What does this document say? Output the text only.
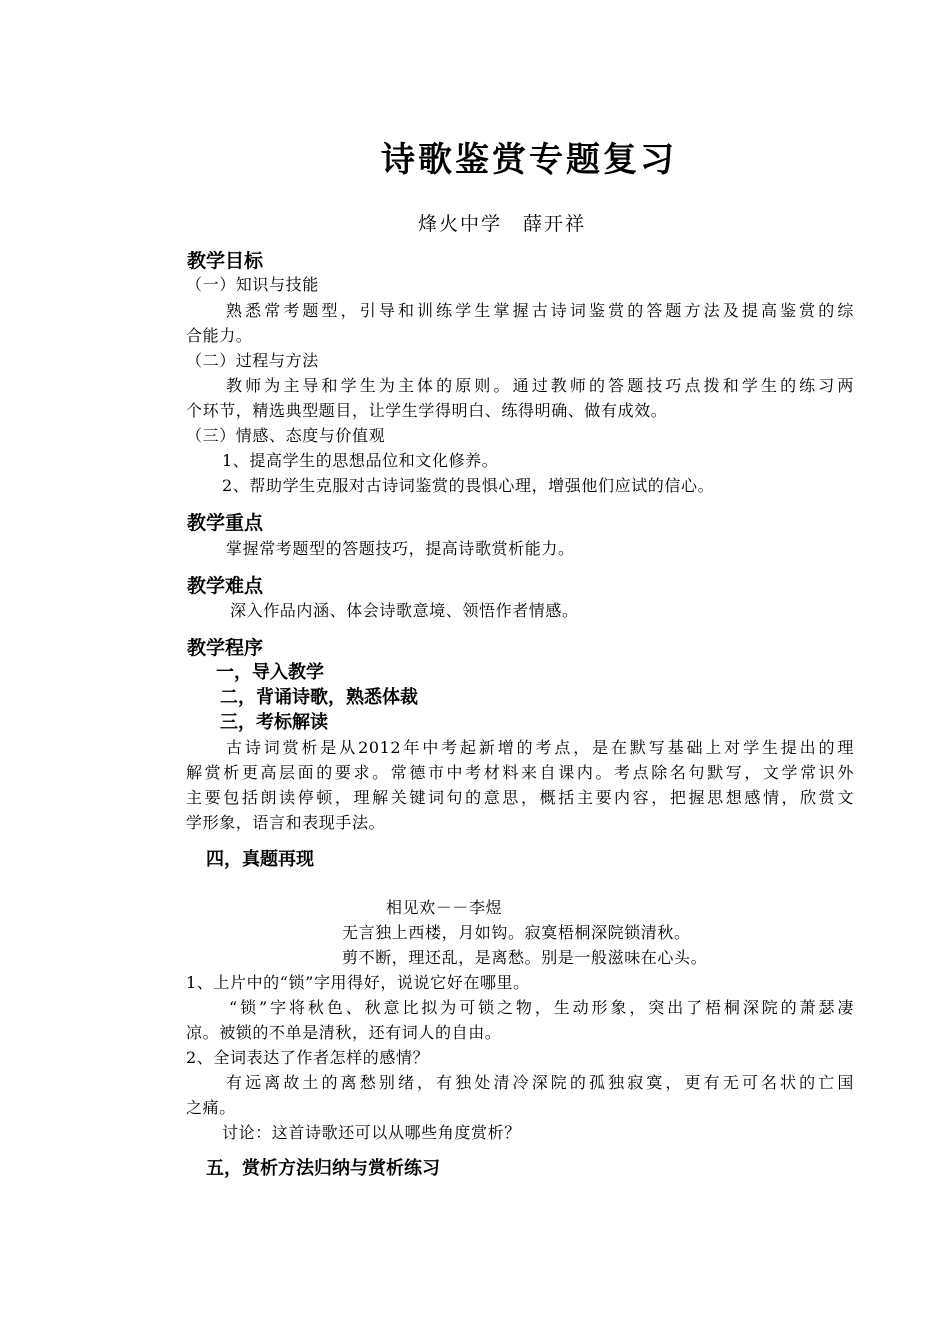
诗歌鉴赏专题复习
烽火中学　薛开祥
教学目标
（一）知识与技能
熟悉常考题型，引导和训练学生掌握古诗词鉴赏的答题方法及提高鉴赏的综
合能力。
（二）过程与方法
教师为主导和学生为主体的原则。通过教师的答题技巧点拨和学生的练习两
个环节，精选典型题目，让学生学得明白、练得明确、做有成效。
（三）情感、态度与价值观
1、提高学生的思想品位和文化修养。
2、帮助学生克服对古诗词鉴赏的畏惧心理，增强他们应试的信心。
教学重点
掌握常考题型的答题技巧，提高诗歌赏析能力。
教学难点
深入作品内涵、体会诗歌意境、领悟作者情感。
教学程序
一，导入教学
二，背诵诗歌，熟悉体裁
三，考标解读
古诗词赏析是从2012年中考起新增的考点，是在默写基础上对学生提出的理
解赏析更高层面的要求。常德市中考材料来自课内。考点除名句默写，文学常识外
主要包括朗读停顿，理解关键词句的意思，概括主要内容，把握思想感情，欣赏文
学形象，语言和表现手法。
四，真题再现
相见欢－－李煜
无言独上西楼，月如钩。寂寞梧桐深院锁清秋。
剪不断，理还乱，是离愁。别是一般滋味在心头。
1、上片中的“锁”字用得好，说说它好在哪里。
“锁”字将秋色、秋意比拟为可锁之物，生动形象，突出了梧桐深院的萧瑟凄
凉。被锁的不单是清秋，还有词人的自由。
2、全词表达了作者怎样的感情？
有远离故土的离愁别绪，有独处清冷深院的孤独寂寞，更有无可名状的亡国
之痛。
讨论：这首诗歌还可以从哪些角度赏析？
五，赏析方法归纳与赏析练习
